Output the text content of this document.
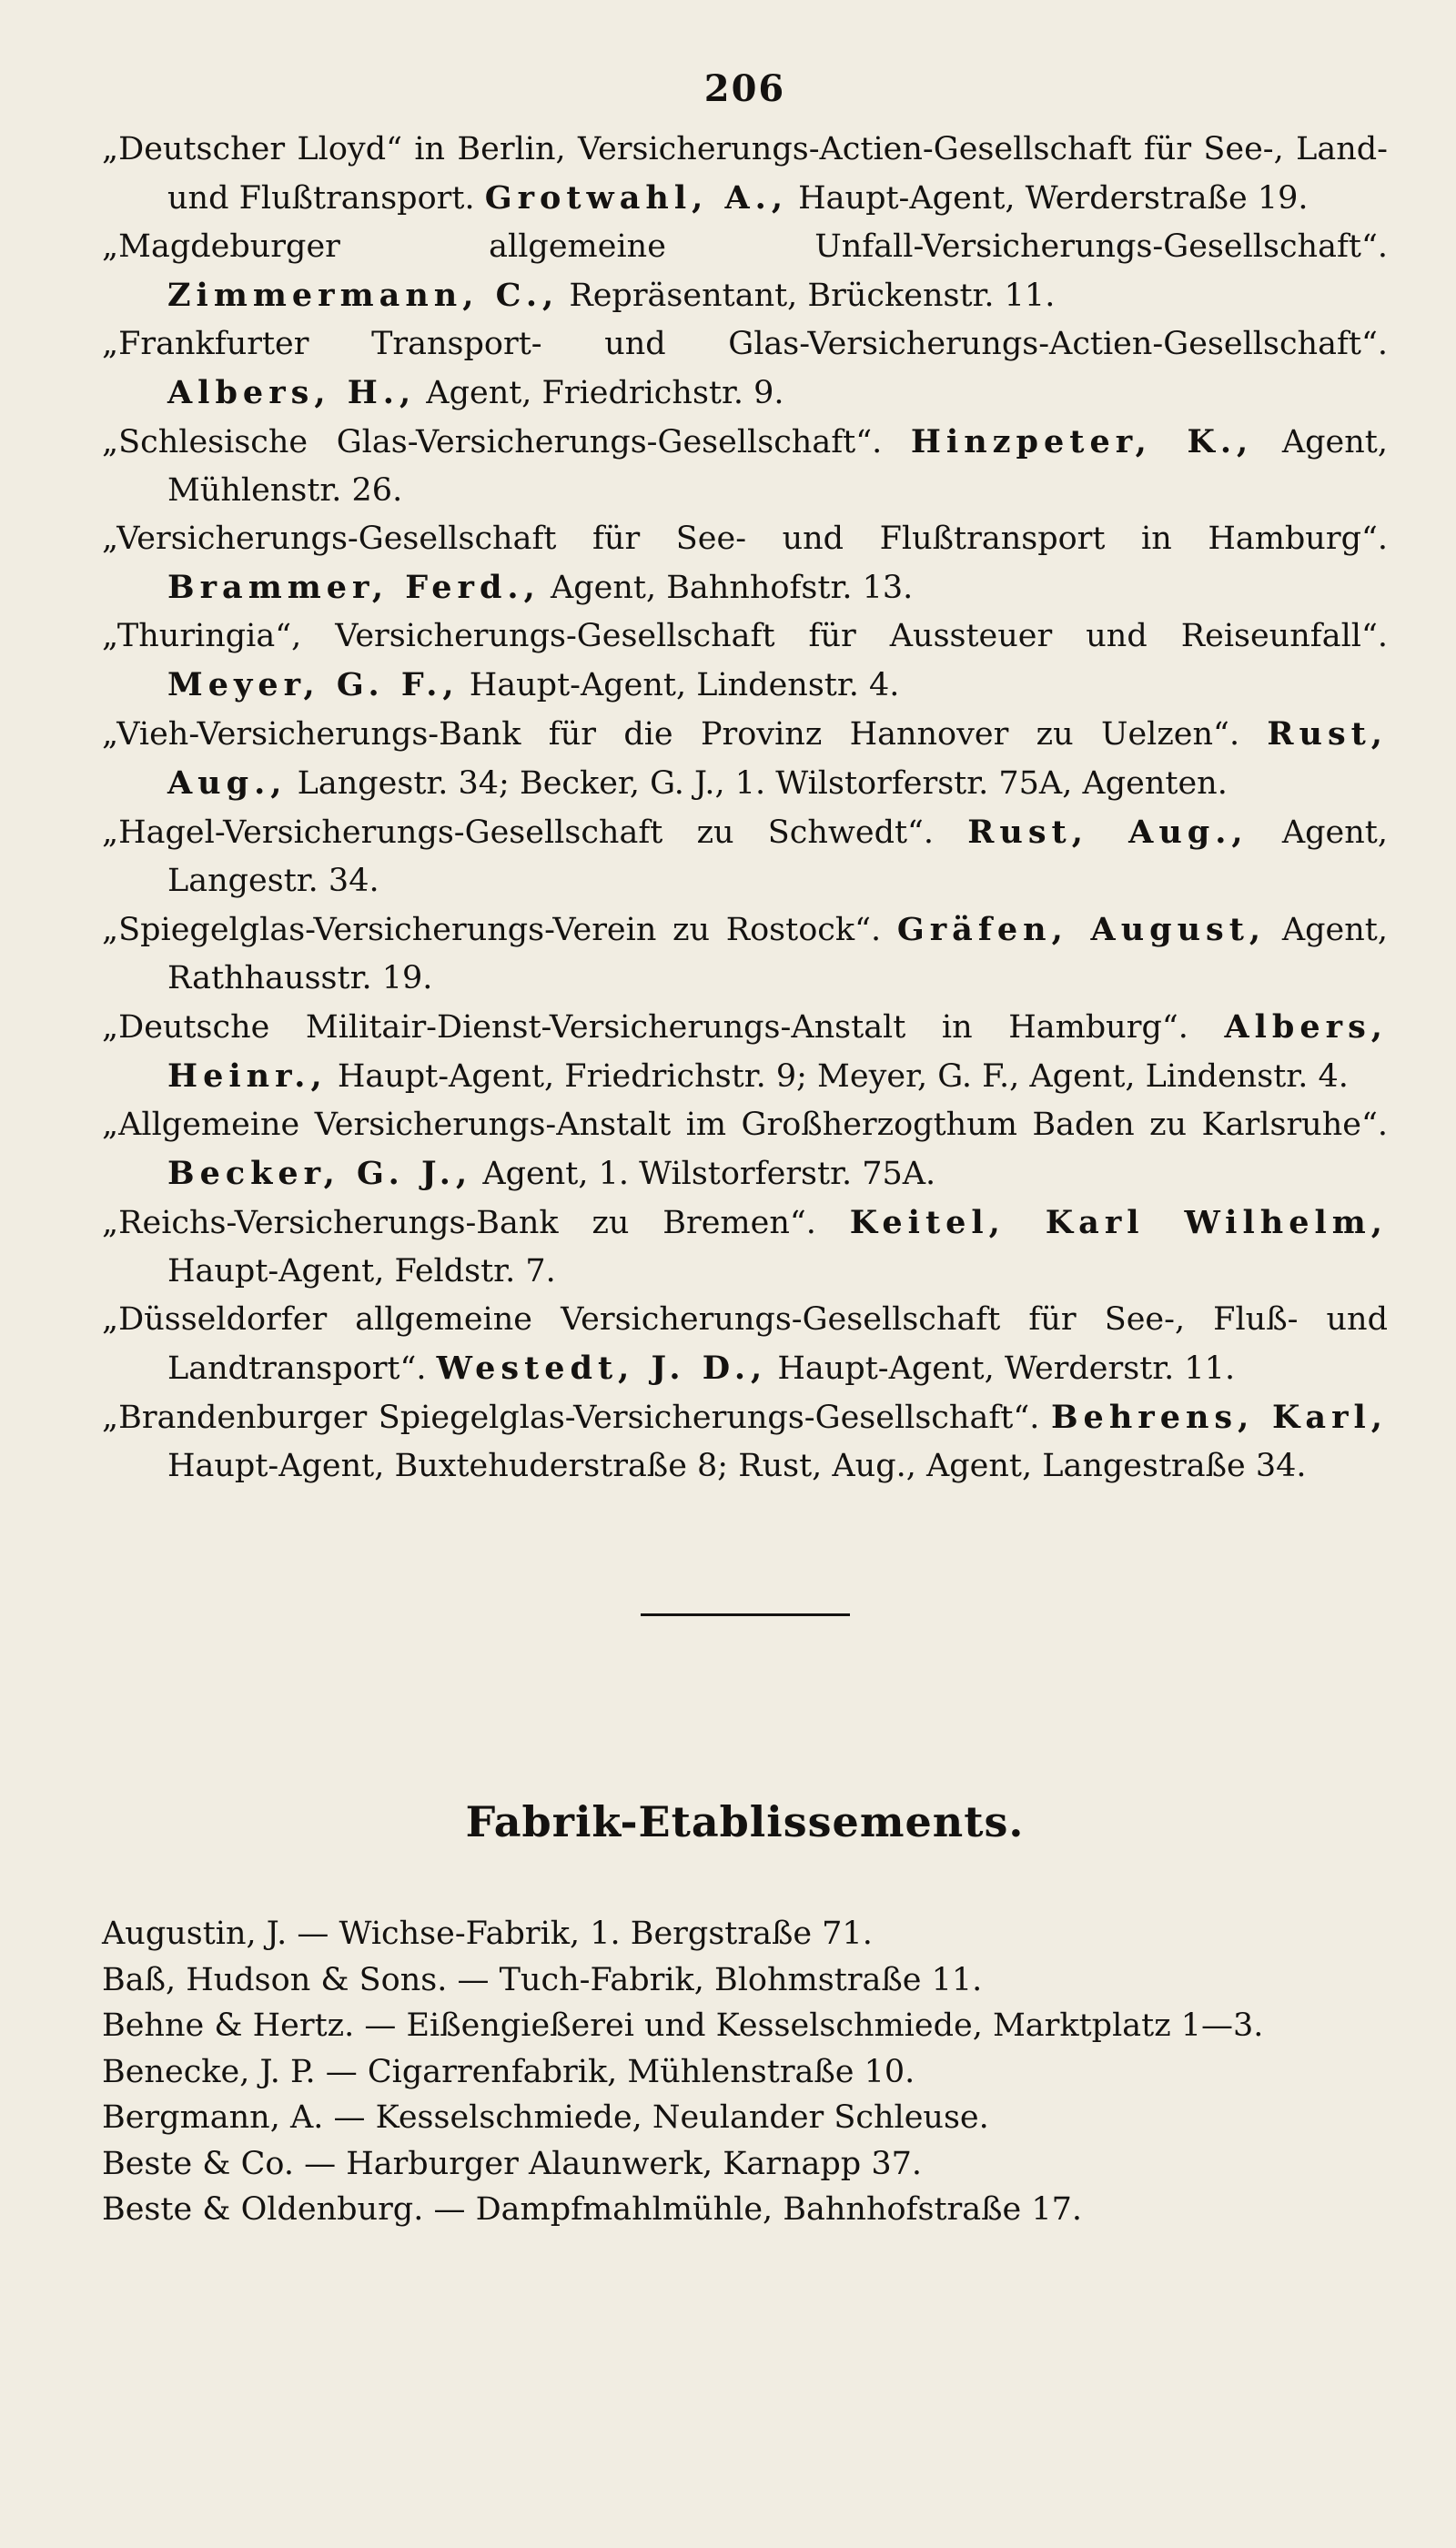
206

„Deutscher Lloyd“ in Berlin, Versicherungs-Actien-Gesellschaft für See-, Land- und Flußtransport. Grotwahl, A., Haupt-Agent, Werderstraße 19.

„Magdeburger allgemeine Unfall-Versicherungs-Gesellschaft“. Zimmermann, C., Repräsentant, Brückenstr. 11.

„Frankfurter Transport- und Glas-Versicherungs-Actien-Gesellschaft“. Albers, H., Agent, Friedrichstr. 9.

„Schlesische Glas-Versicherungs-Gesellschaft“. Hinzpeter, K., Agent, Mühlenstr. 26.

„Versicherungs-Gesellschaft für See- und Flußtransport in Hamburg“. Brammer, Ferd., Agent, Bahnhofstr. 13.

„Thuringia“, Versicherungs-Gesellschaft für Aussteuer und Reiseunfall“. Meyer, G. F., Haupt-Agent, Lindenstr. 4.

„Vieh-Versicherungs-Bank für die Provinz Hannover zu Uelzen“. Rust, Aug., Langestr. 34; Becker, G. J., 1. Wilstorferstr. 75A, Agenten.

„Hagel-Versicherungs-Gesellschaft zu Schwedt“. Rust, Aug., Agent, Langestr. 34.

„Spiegelglas-Versicherungs-Verein zu Rostock“. Gräfen, August, Agent, Rathhausstr. 19.

„Deutsche Militair-Dienst-Versicherungs-Anstalt in Hamburg“. Albers, Heinr., Haupt-Agent, Friedrichstr. 9; Meyer, G. F., Agent, Lindenstr. 4.

„Allgemeine Versicherungs-Anstalt im Großherzogthum Baden zu Karlsruhe“. Becker, G. J., Agent, 1. Wilstorferstr. 75A.

„Reichs-Versicherungs-Bank zu Bremen“. Keitel, Karl Wilhelm, Haupt-Agent, Feldstr. 7.

„Düsseldorfer allgemeine Versicherungs-Gesellschaft für See-, Fluß- und Landtransport“. Westedt, J. D., Haupt-Agent, Werderstr. 11.

„Brandenburger Spiegelglas-Versicherungs-Gesellschaft“. Behrens, Karl, Haupt-Agent, Buxtehuderstraße 8; Rust, Aug., Agent, Langestraße 34.

Fabrik-Etablissements.

Augustin, J. — Wichse-Fabrik, 1. Bergstraße 71.

Baß, Hudson & Sons. — Tuch-Fabrik, Blohmstraße 11.

Behne & Hertz. — Eißengießerei und Kesselschmiede, Marktplatz 1—3.

Benecke, J. P. — Cigarrenfabrik, Mühlenstraße 10.

Bergmann, A. — Kesselschmiede, Neulander Schleuse.

Beste & Co. — Harburger Alaunwerk, Karnapp 37.

Beste & Oldenburg. — Dampfmahlmühle, Bahnhofstraße 17.
